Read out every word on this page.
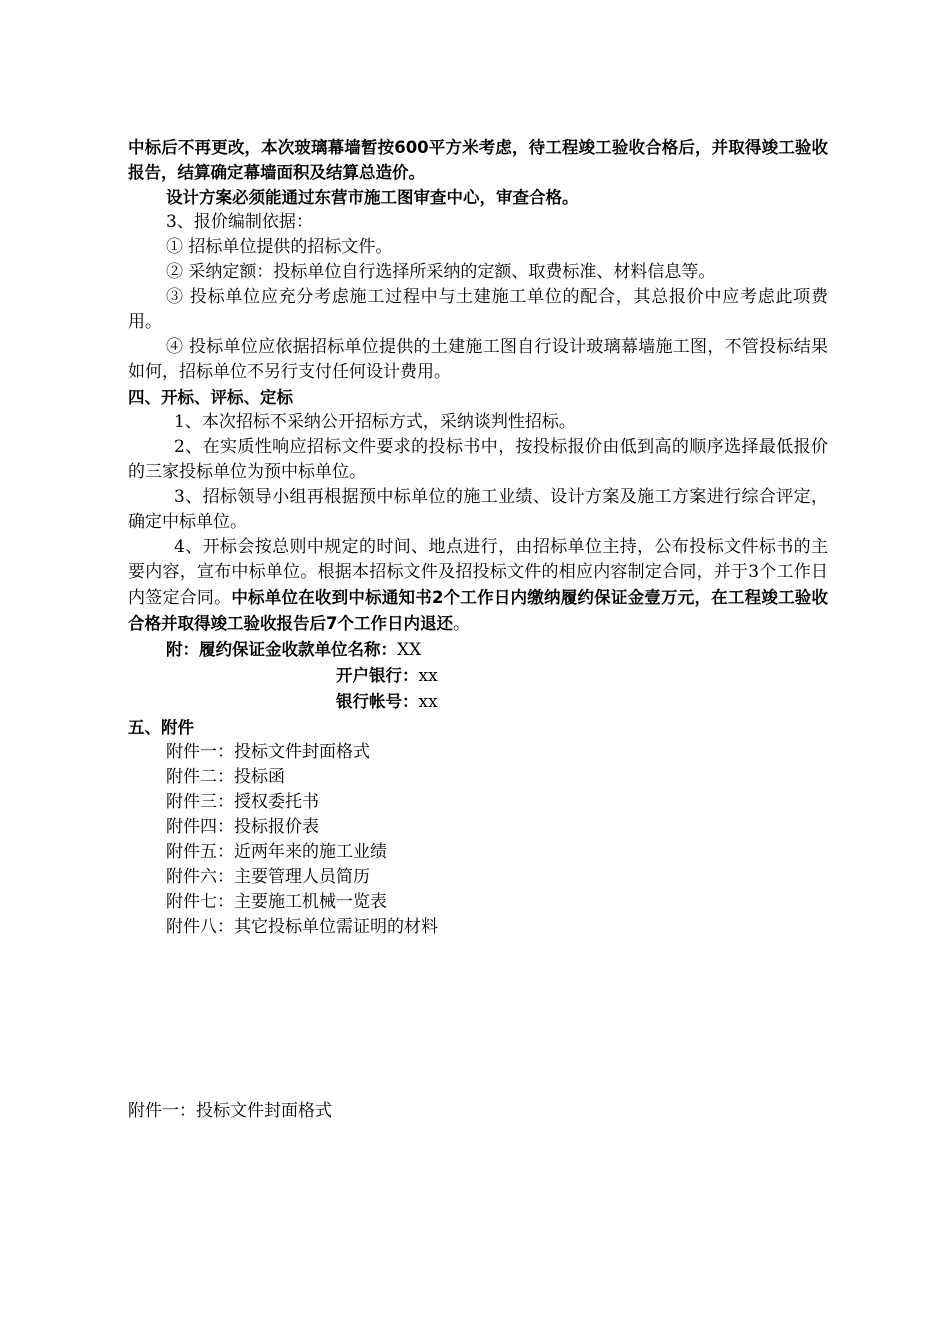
中标后不再更改，本次玻璃幕墙暂按600平方米考虑，待工程竣工验收合格后，并取得竣工验收报告，结算确定幕墙面积及结算总造价。

设计方案必须能通过东营市施工图审查中心，审查合格。

3、报价编制依据：

① 招标单位提供的招标文件。

② 采纳定额：投标单位自行选择所采纳的定额、取费标准、材料信息等。

③ 投标单位应充分考虑施工过程中与土建施工单位的配合，其总报价中应考虑此项费用。

④ 投标单位应依据招标单位提供的土建施工图自行设计玻璃幕墙施工图，不管投标结果如何，招标单位不另行支付任何设计费用。

四、开标、评标、定标

1、本次招标不采纳公开招标方式，采纳谈判性招标。

2、在实质性响应招标文件要求的投标书中，按投标报价由低到高的顺序选择最低报价的三家投标单位为预中标单位。

3、招标领导小组再根据预中标单位的施工业绩、设计方案及施工方案进行综合评定，确定中标单位。

4、开标会按总则中规定的时间、地点进行，由招标单位主持，公布投标文件标书的主要内容，宣布中标单位。根据本招标文件及招投标文件的相应内容制定合同，并于3个工作日内签定合同。中标单位在收到中标通知书2个工作日内缴纳履约保证金壹万元，在工程竣工验收合格并取得竣工验收报告后7个工作日内退还。

附：履约保证金收款单位名称：XX

开户银行：xx

银行帐号：xx

五、附件

附件一：投标文件封面格式

附件二：投标函

附件三：授权委托书

附件四：投标报价表

附件五：近两年来的施工业绩

附件六：主要管理人员简历

附件七：主要施工机械一览表

附件八：其它投标单位需证明的材料

附件一：投标文件封面格式
